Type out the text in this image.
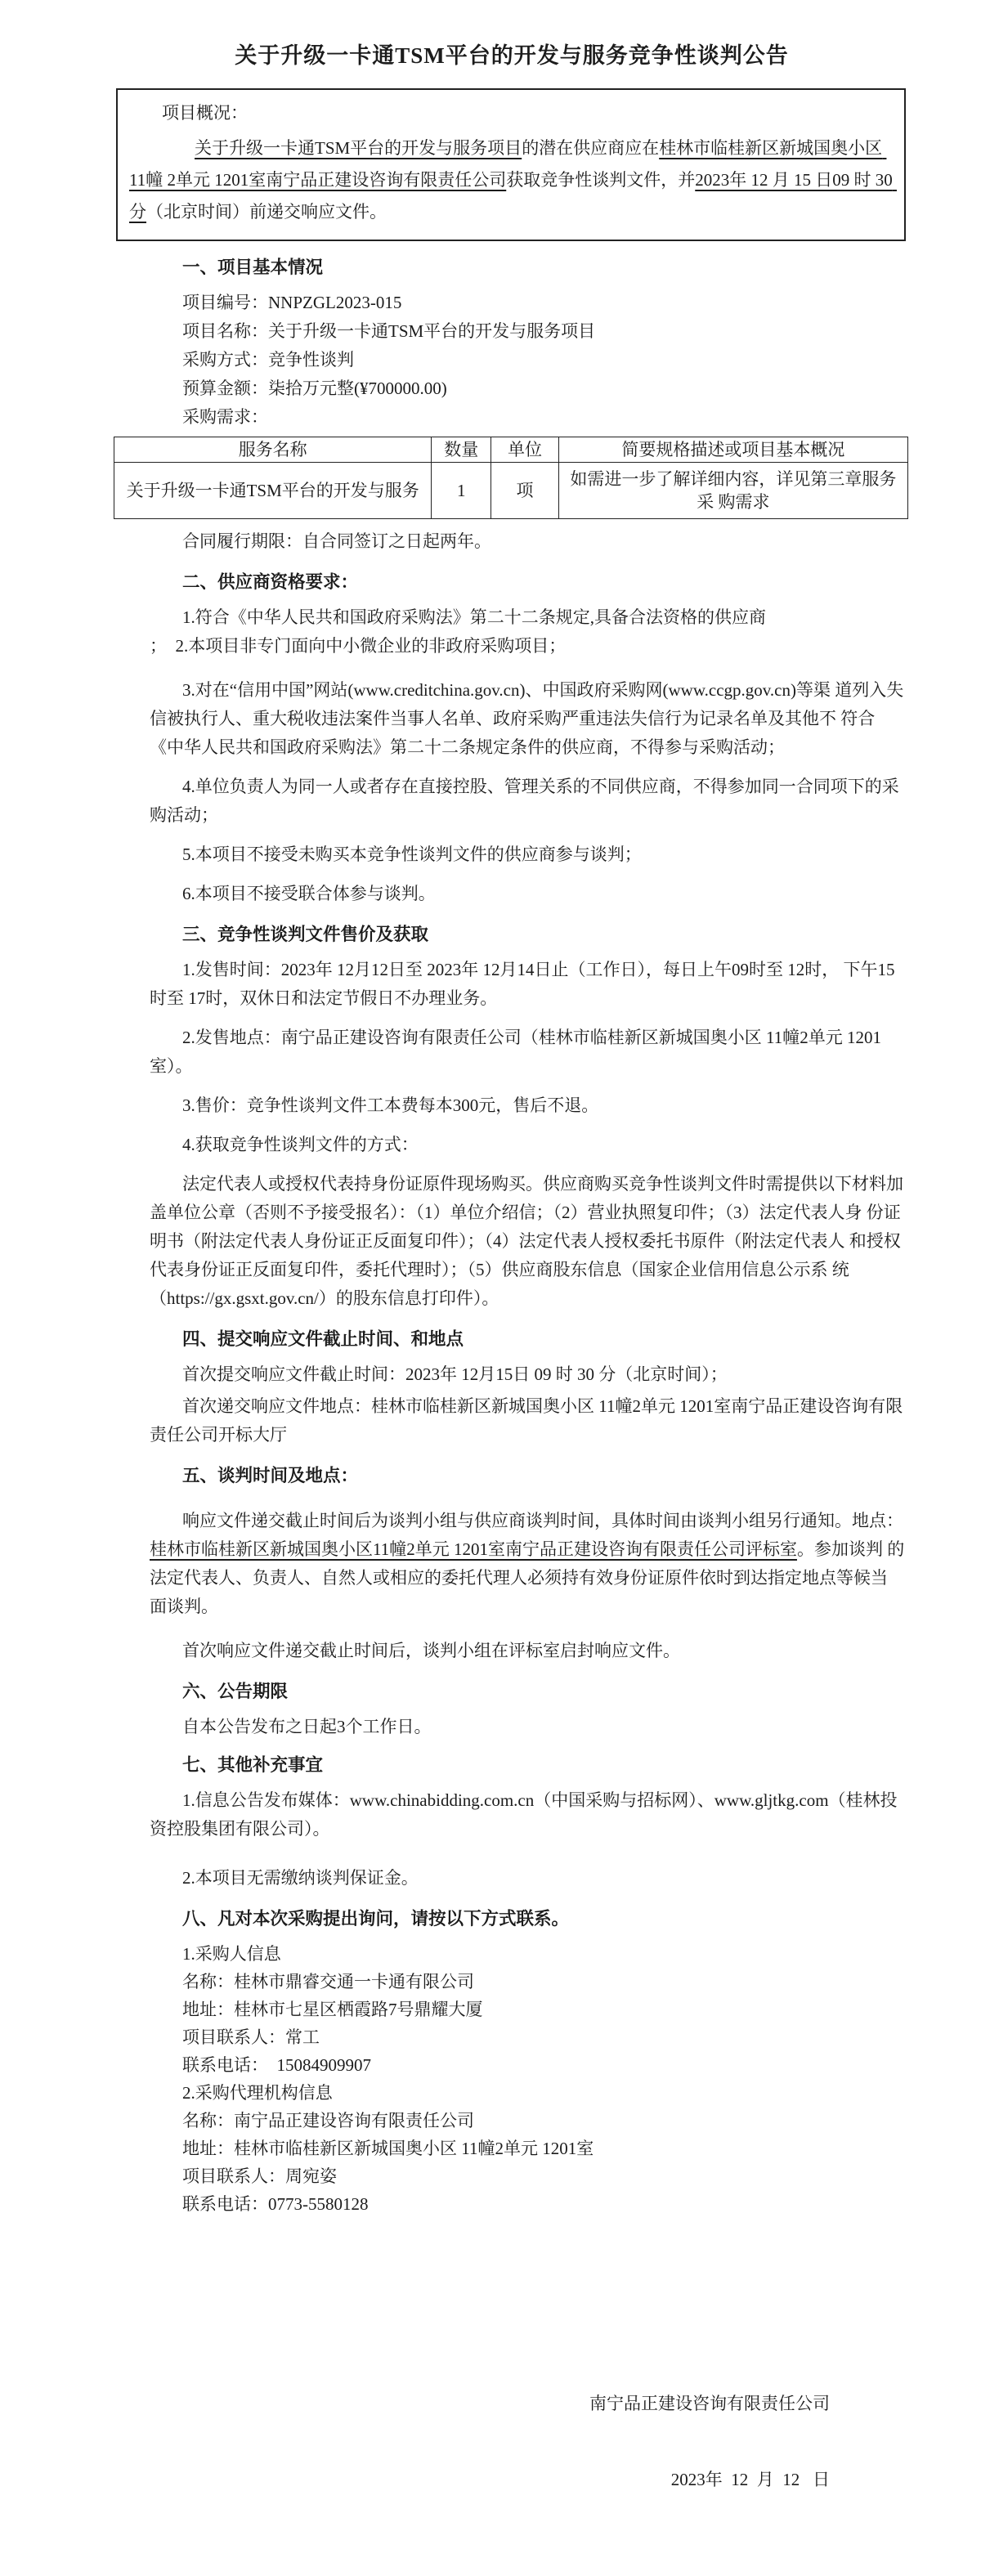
关于升级一卡通TSM平台的开发与服务竞争性谈判公告
项目概况：

关于升级一卡通TSM平台的开发与服务项目的潜在供应商应在桂林市临桂新区新城国奥小区 11幢 2单元 1201室南宁品正建设咨询有限责任公司获取竞争性谈判文件，并2023年 12 月 15 日09 时 30 分（北京时间）前递交响应文件。

一、项目基本情况

项目编号：NNPZGL2023-015

项目名称：关于升级一卡通TSM平台的开发与服务项目

采购方式：竞争性谈判

预算金额：柒拾万元整(¥700000.00)

采购需求：

服务名称	数量	单位	简要规格描述或项目基本概况
关于升级一卡通TSM平台的开发与服务	1	项	如需进一步了解详细内容，详见第三章服务采 购需求

合同履行期限：自合同签订之日起两年。

二、供应商资格要求：

1.符合《中华人民共和国政府采购法》第二十二条规定,具备合法资格的供应商

；  2.本项目非专门面向中小微企业的非政府采购项目；

3.对在“信用中国”网站(www.creditchina.gov.cn)、中国政府采购网(www.ccgp.gov.cn)等渠 道列入失信被执行人、重大税收违法案件当事人名单、政府采购严重违法失信行为记录名单及其他不 符合《中华人民共和国政府采购法》第二十二条规定条件的供应商，不得参与采购活动；

4.单位负责人为同一人或者存在直接控股、管理关系的不同供应商，不得参加同一合同项下的采 购活动；

5.本项目不接受未购买本竞争性谈判文件的供应商参与谈判；

6.本项目不接受联合体参与谈判。

三、竞争性谈判文件售价及获取

1.发售时间：2023年 12月12日至 2023年 12月14日止（工作日），每日上午09时至 12时， 下午15时至 17时，双休日和法定节假日不办理业务。

2.发售地点：南宁品正建设咨询有限责任公司（桂林市临桂新区新城国奥小区 11幢2单元 1201室）。

3.售价：竞争性谈判文件工本费每本300元，售后不退。

4.获取竞争性谈判文件的方式：

法定代表人或授权代表持身份证原件现场购买。供应商购买竞争性谈判文件时需提供以下材料加 盖单位公章（否则不予接受报名）：（1）单位介绍信；（2）营业执照复印件；（3）法定代表人身 份证明书（附法定代表人身份证正反面复印件）；（4）法定代表人授权委托书原件（附法定代表人 和授权代表身份证正反面复印件，委托代理时）；（5）供应商股东信息（国家企业信用信息公示系 统（https://gx.gsxt.gov.cn/）的股东信息打印件）。

四、提交响应文件截止时间、和地点

首次提交响应文件截止时间：2023年 12月15日 09 时 30 分（北京时间）；

首次递交响应文件地点：桂林市临桂新区新城国奥小区 11幢2单元 1201室南宁品正建设咨询有限责任公司开标大厅

五、谈判时间及地点：

响应文件递交截止时间后为谈判小组与供应商谈判时间，具体时间由谈判小组另行通知。地点： 桂林市临桂新区新城国奥小区11幢2单元 1201室南宁品正建设咨询有限责任公司评标室。参加谈判 的法定代表人、负责人、自然人或相应的委托代理人必须持有效身份证原件依时到达指定地点等候当 面谈判。

首次响应文件递交截止时间后，谈判小组在评标室启封响应文件。

六、公告期限

自本公告发布之日起3个工作日。

七、其他补充事宜

1.信息公告发布媒体：www.chinabidding.com.cn（中国采购与招标网）、www.gljtkg.com（桂林投资控股集团有限公司）。

2.本项目无需缴纳谈判保证金。

八、凡对本次采购提出询问，请按以下方式联系。

1.采购人信息

名称：桂林市鼎睿交通一卡通有限公司

地址：桂林市七星区栖霞路7号鼎耀大厦

项目联系人：常工

联系电话：  15084909907

2.采购代理机构信息

名称：南宁品正建设咨询有限责任公司

地址：桂林市临桂新区新城国奥小区 11幢2单元 1201室

项目联系人：周宛姿

联系电话：0773-5580128

南宁品正建设咨询有限责任公司

2023年  12  月  12   日
